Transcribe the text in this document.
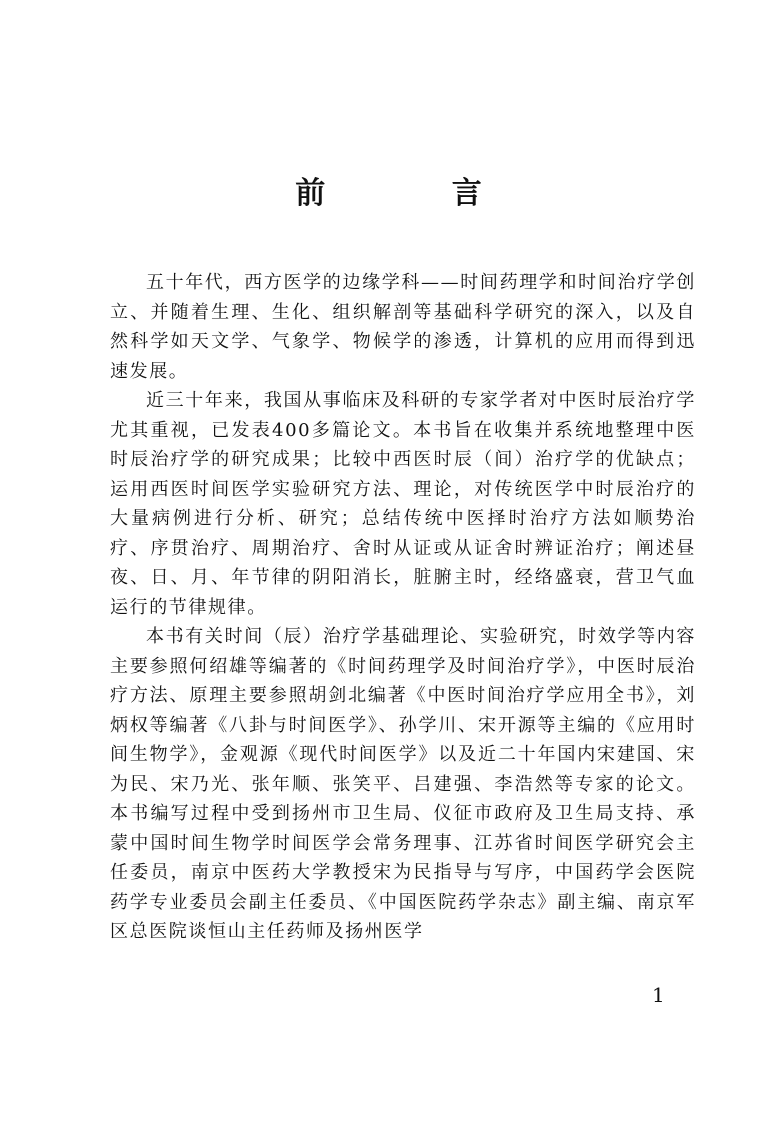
前 言

五十年代，西方医学的边缘学科——时间药理学和时间治疗学创立、并随着生理、生化、组织解剖等基础科学研究的深入，以及自然科学如天文学、气象学、物候学的渗透，计算机的应用而得到迅速发展。

近三十年来，我国从事临床及科研的专家学者对中医时辰治疗学尤其重视，已发表400多篇论文。本书旨在收集并系统地整理中医时辰治疗学的研究成果；比较中西医时辰（间）治疗学的优缺点；运用西医时间医学实验研究方法、理论，对传统医学中时辰治疗的大量病例进行分析、研究；总结传统中医择时治疗方法如顺势治疗、序贯治疗、周期治疗、舍时从证或从证舍时辨证治疗；阐述昼夜、日、月、年节律的阴阳消长，脏腑主时，经络盛衰，营卫气血运行的节律规律。

本书有关时间（辰）治疗学基础理论、实验研究，时效学等内容主要参照何绍雄等编著的《时间药理学及时间治疗学》，中医时辰治疗方法、原理主要参照胡剑北编著《中医时间治疗学应用全书》，刘炳权等编著《八卦与时间医学》、孙学川、宋开源等主编的《应用时间生物学》，金观源《现代时间医学》以及近二十年国内宋建国、宋为民、宋乃光、张年顺、张笑平、吕建强、李浩然等专家的论文。本书编写过程中受到扬州市卫生局、仪征市政府及卫生局支持、承蒙中国时间生物学时间医学会常务理事、江苏省时间医学研究会主任委员，南京中医药大学教授宋为民指导与写序，中国药学会医院药学专业委员会副主任委员、《中国医院药学杂志》副主编、南京军区总医院谈恒山主任药师及扬州医学

1
